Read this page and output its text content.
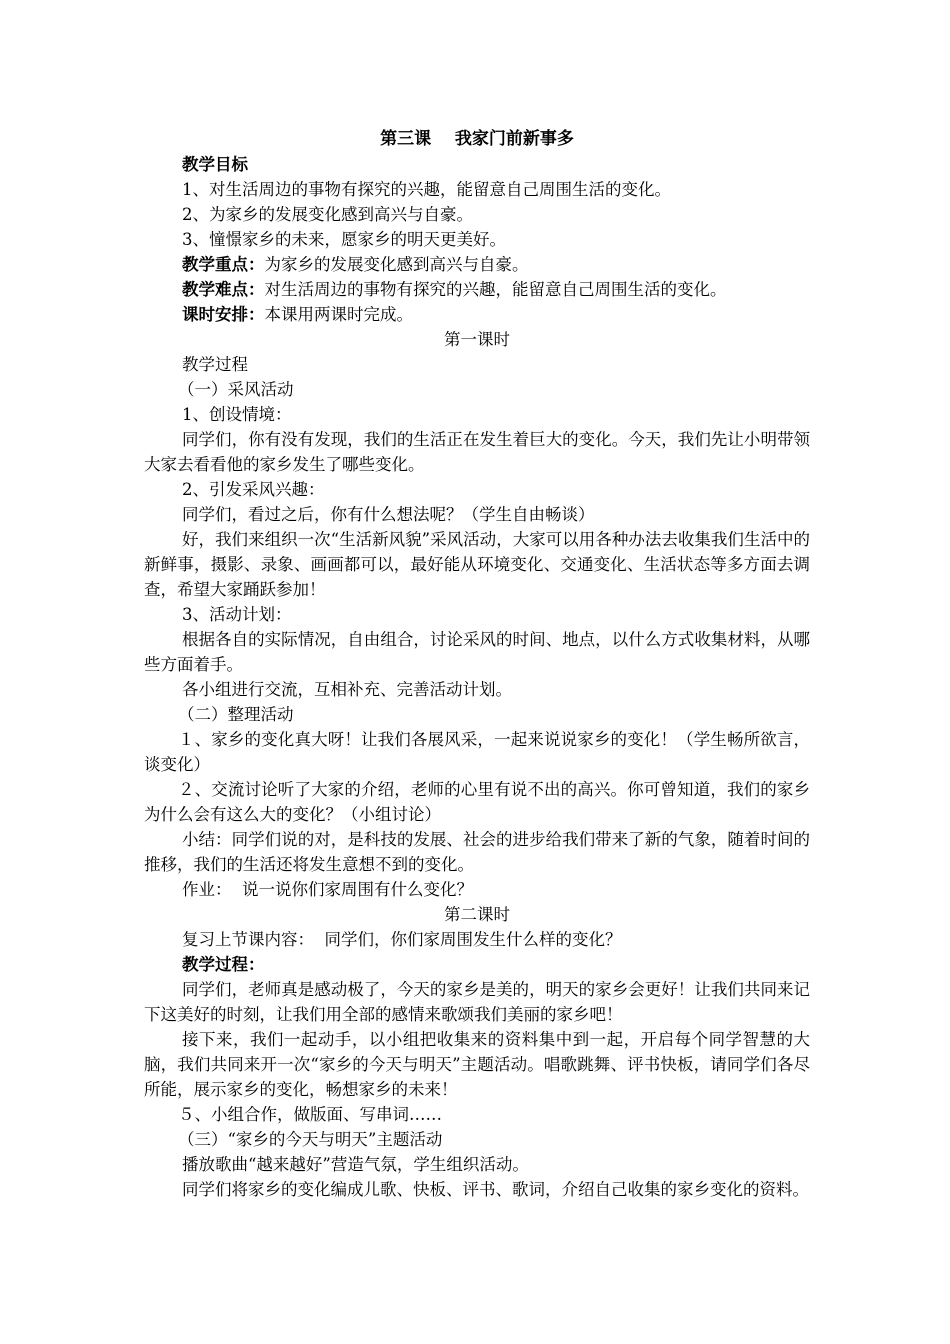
第三课    我家门前新事多

教学目标

1、对生活周边的事物有探究的兴趣，能留意自己周围生活的变化。

2、为家乡的发展变化感到高兴与自豪。

3、憧憬家乡的未来，愿家乡的明天更美好。

教学重点：为家乡的发展变化感到高兴与自豪。

教学难点：对生活周边的事物有探究的兴趣，能留意自己周围生活的变化。

课时安排：本课用两课时完成。

第一课时

教学过程

（一）采风活动

1、创设情境：

同学们，你有没有发现，我们的生活正在发生着巨大的变化。今天，我们先让小明带领大家去看看他的家乡发生了哪些变化。

2、引发采风兴趣：

同学们，看过之后，你有什么想法呢？（学生自由畅谈）

好，我们来组织一次“生活新风貌”采风活动，大家可以用各种办法去收集我们生活中的新鲜事，摄影、录象、画画都可以，最好能从环境变化、交通变化、生活状态等多方面去调查，希望大家踊跃参加！

3、活动计划：

根据各自的实际情况，自由组合，讨论采风的时间、地点，以什么方式收集材料，从哪些方面着手。

各小组进行交流，互相补充、完善活动计划。

（二）整理活动

１、家乡的变化真大呀！让我们各展风采，一起来说说家乡的变化！（学生畅所欲言，谈变化）

２、交流讨论听了大家的介绍，老师的心里有说不出的高兴。你可曾知道，我们的家乡为什么会有这么大的变化？（小组讨论）

小结：同学们说的对，是科技的发展、社会的进步给我们带来了新的气象，随着时间的推移，我们的生活还将发生意想不到的变化。

作业：  说一说你们家周围有什么变化？

第二课时

复习上节课内容：  同学们，你们家周围发生什么样的变化？

教学过程：

同学们，老师真是感动极了，今天的家乡是美的，明天的家乡会更好！让我们共同来记下这美好的时刻，让我们用全部的感情来歌颂我们美丽的家乡吧！

接下来，我们一起动手，以小组把收集来的资料集中到一起，开启每个同学智慧的大脑，我们共同来开一次“家乡的今天与明天”主题活动。唱歌跳舞、评书快板，请同学们各尽所能，展示家乡的变化，畅想家乡的未来！

５、小组合作，做版面、写串词……

（三）“家乡的今天与明天”主题活动

播放歌曲“越来越好”营造气氛，学生组织活动。

同学们将家乡的变化编成儿歌、快板、评书、歌词，介绍自己收集的家乡变化的资料。
